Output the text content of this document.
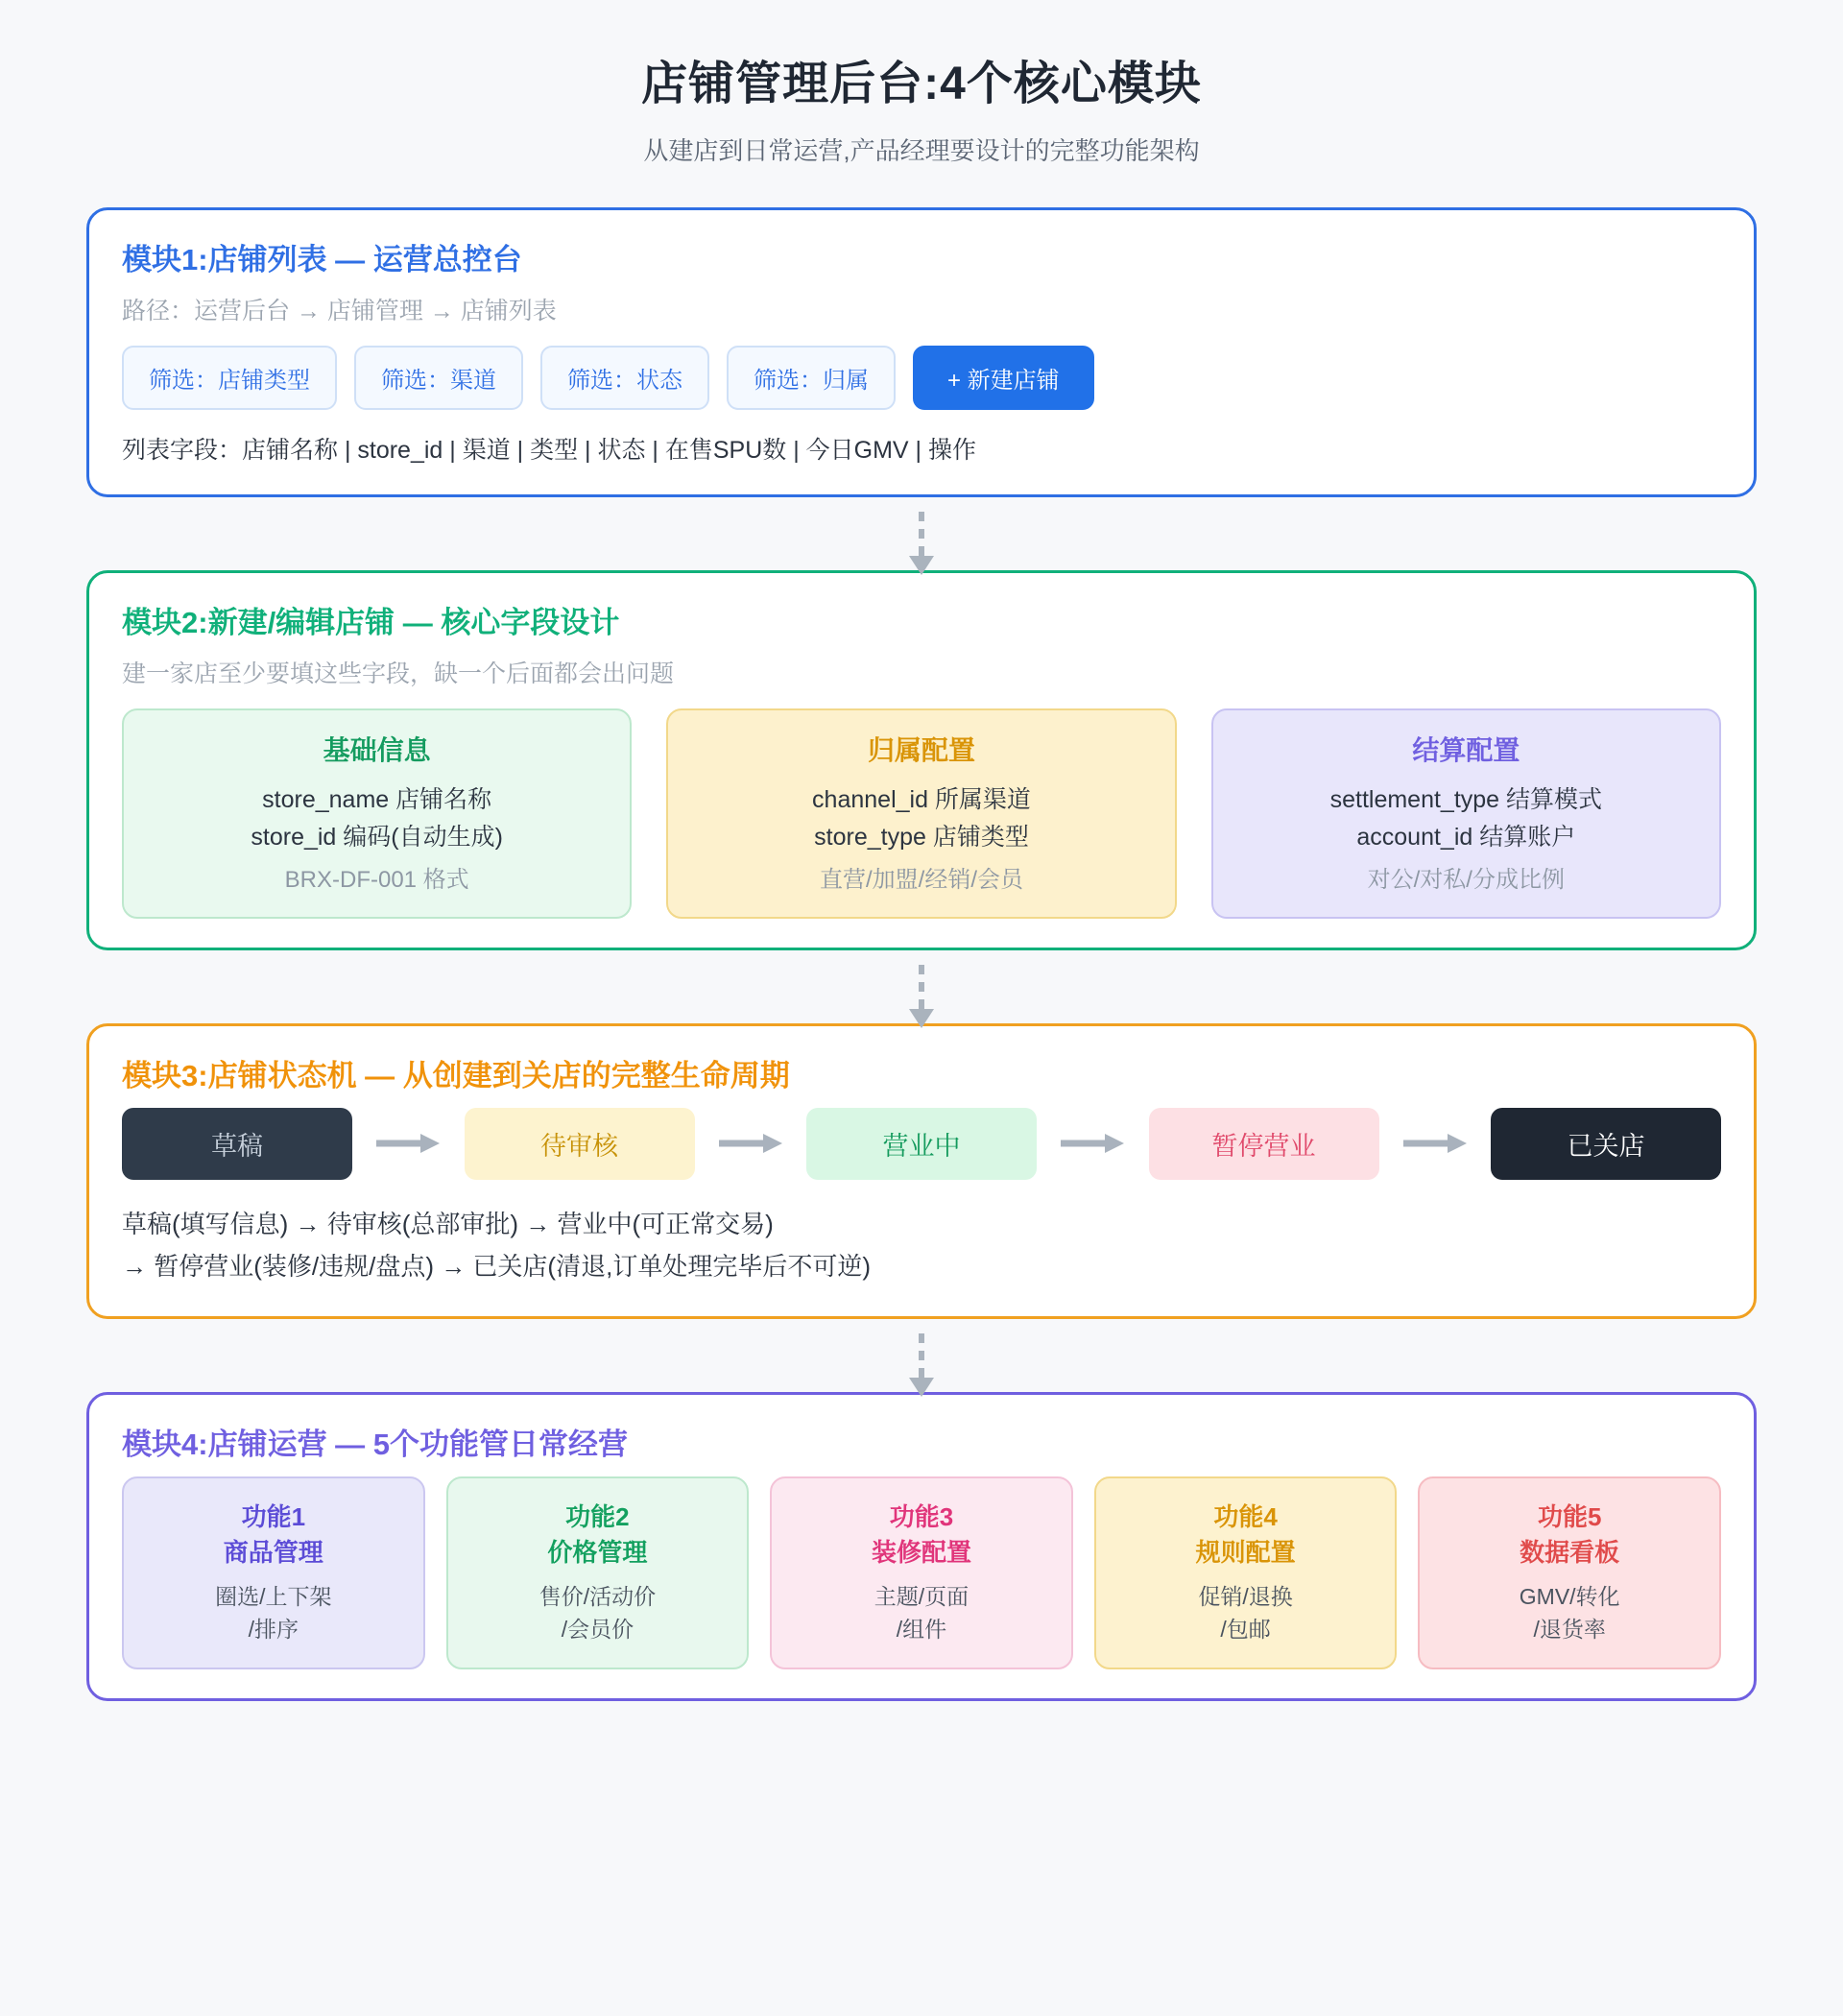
店铺管理后台:4个核心模块
从建店到日常运营,产品经理要设计的完整功能架构
模块1:店铺列表 — 运营总控台
路径：运营后台 → 店铺管理 → 店铺列表
筛选：店铺类型	筛选：渠道	筛选：状态	筛选：归属	+ 新建店铺
列表字段：店铺名称 | store_id | 渠道 | 类型 | 状态 | 在售SPU数 | 今日GMV | 操作
模块2:新建/编辑店铺 — 核心字段设计
建一家店至少要填这些字段，缺一个后面都会出问题
基础信息
store_name 店铺名称
store_id 编码(自动生成)
BRX-DF-001 格式
归属配置
channel_id 所属渠道
store_type 店铺类型
直营/加盟/经销/会员
结算配置
settlement_type 结算模式
account_id 结算账户
对公/对私/分成比例
模块3:店铺状态机 — 从创建到关店的完整生命周期
草稿	待审核	营业中	暂停营业	已关店
草稿(填写信息) → 待审核(总部审批) → 营业中(可正常交易)
→ 暂停营业(装修/违规/盘点) → 已关店(清退,订单处理完毕后不可逆)
模块4:店铺运营 — 5个功能管日常经营
功能1
商品管理
圈选/上下架
/排序
功能2
价格管理
售价/活动价
/会员价
功能3
装修配置
主题/页面
/组件
功能4
规则配置
促销/退换
/包邮
功能5
数据看板
GMV/转化
/退货率
